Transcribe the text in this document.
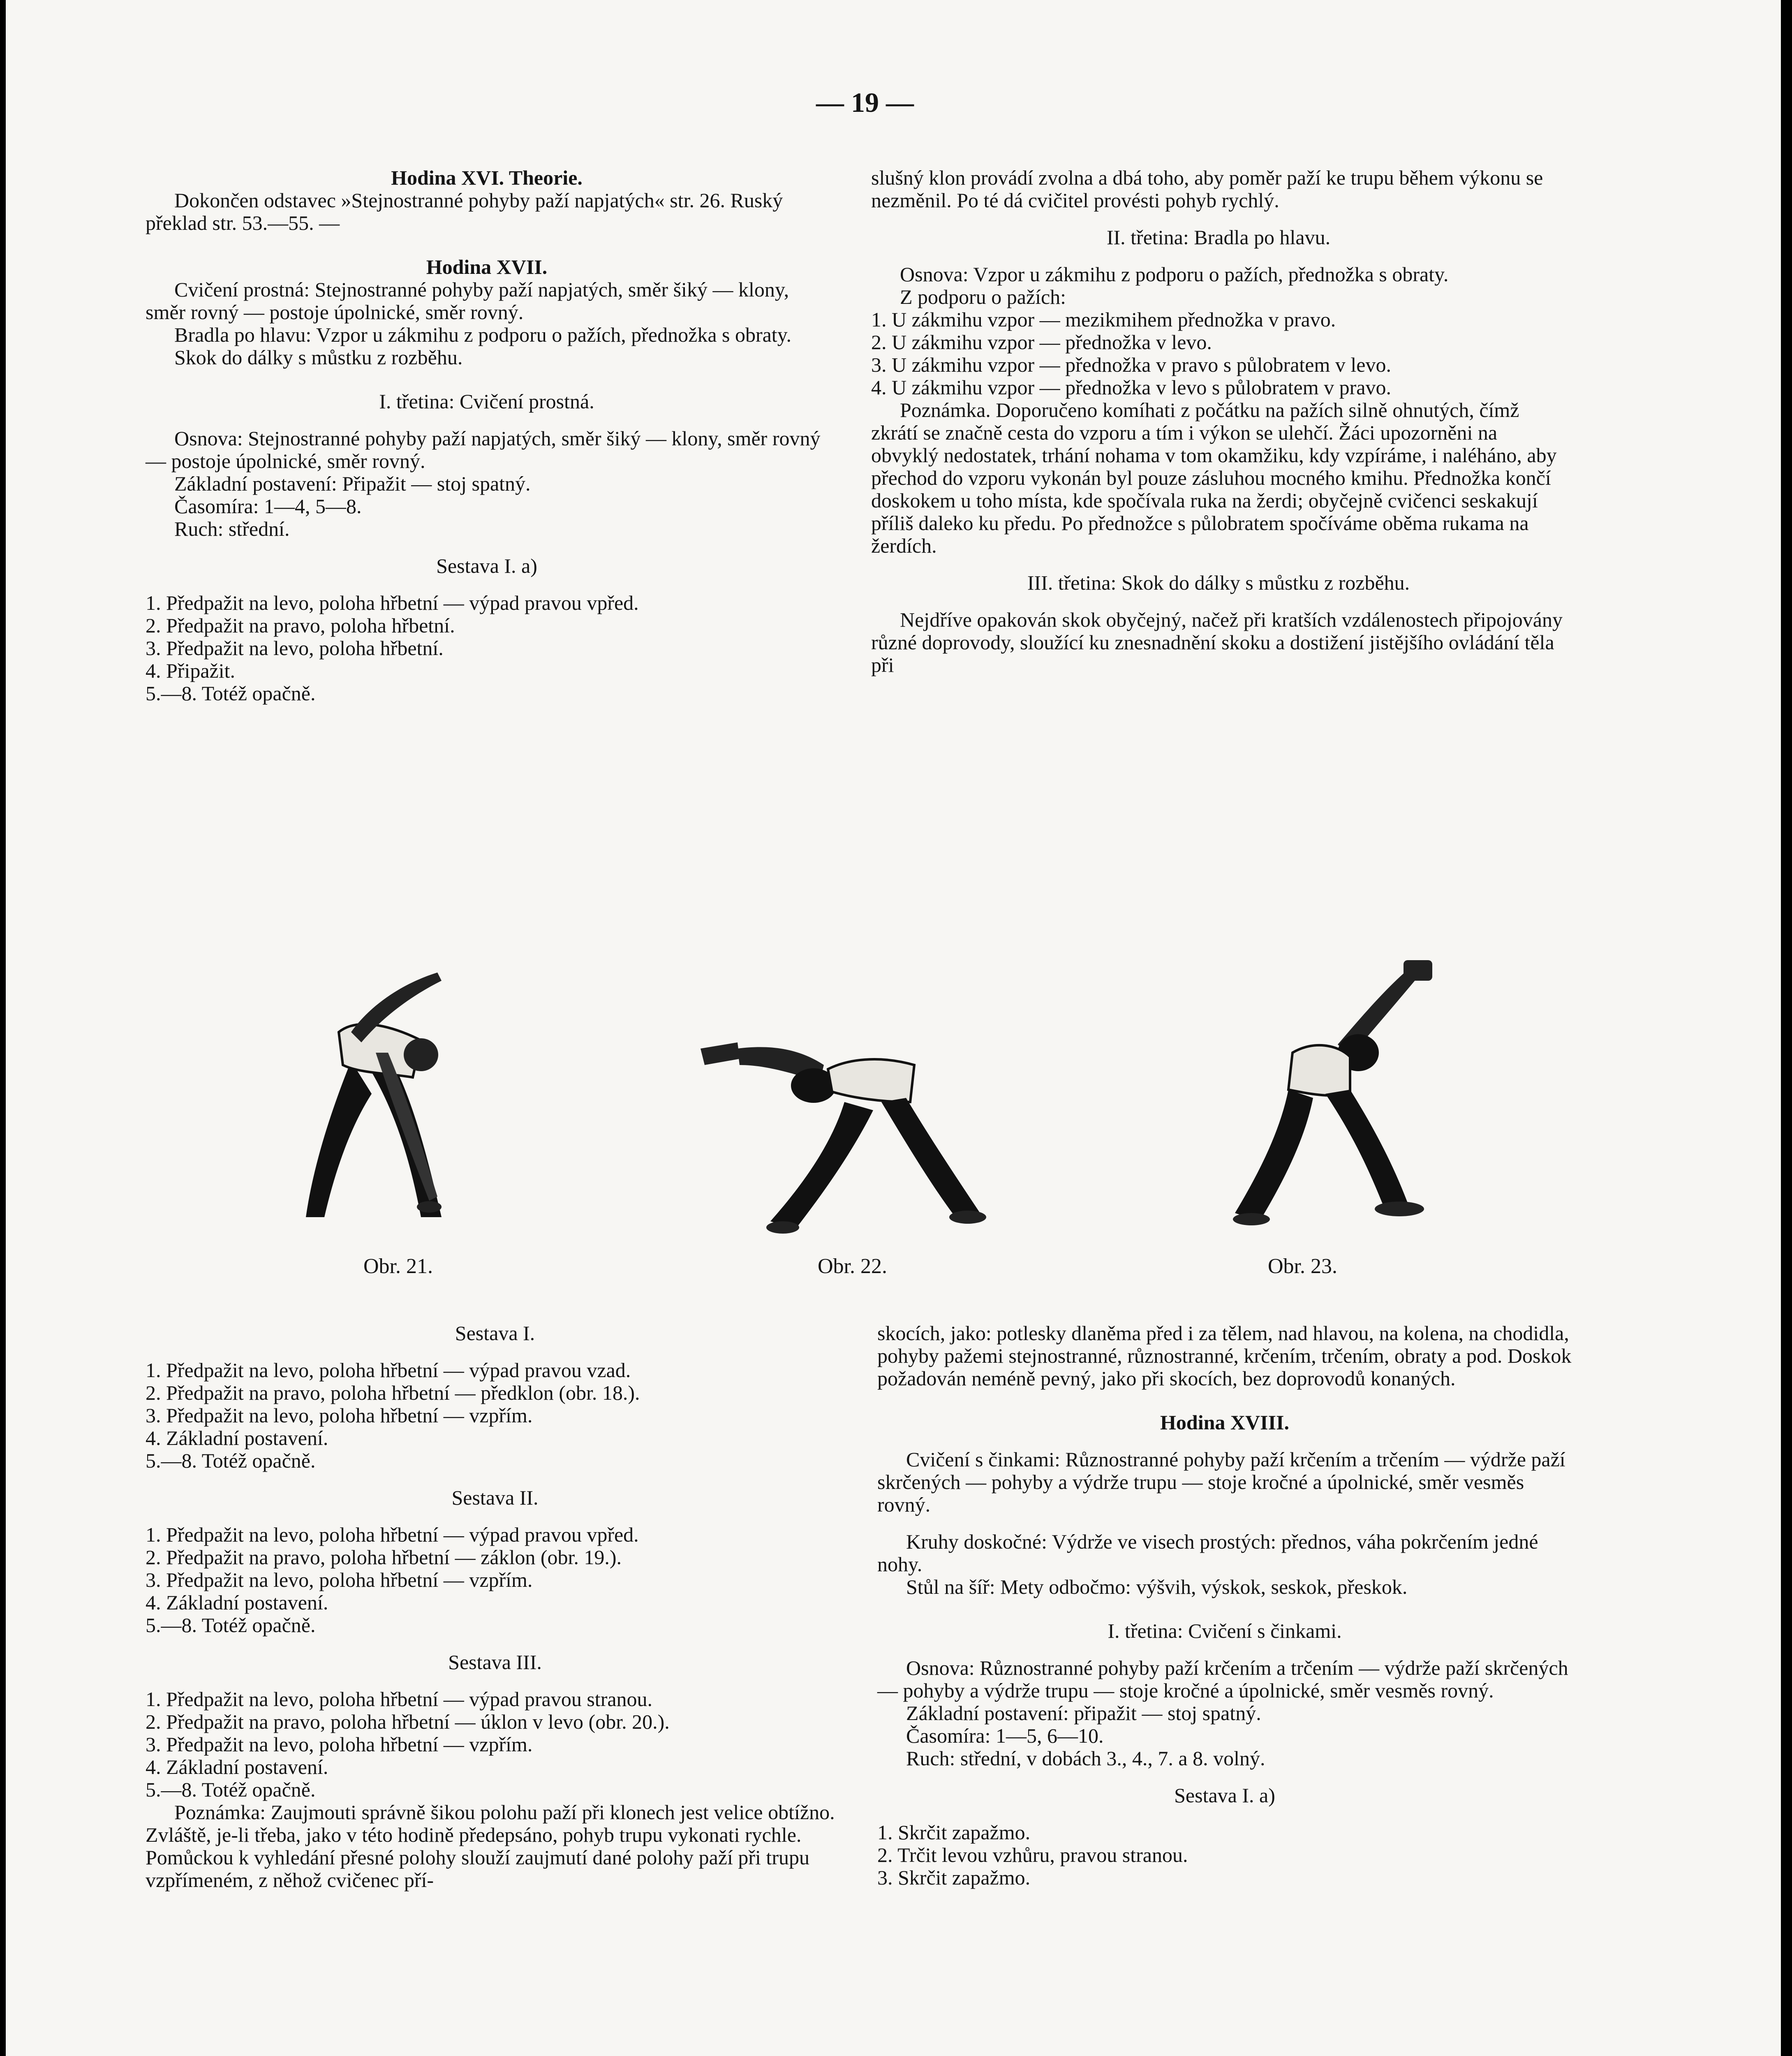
— 19 —

Hodina XVI. Theorie.

Dokončen odstavec »Stejnostranné pohyby paží napjatých« str. 26. Ruský překlad str. 53.—55. —

Hodina XVII.

Cvičení prostná: Stejnostranné pohyby paží napjatých, směr šiký — klony, směr rovný — postoje úpolnické, směr rovný.

Bradla po hlavu: Vzpor u zákmihu z podporu o pažích, přednožka s obraty.

Skok do dálky s můstku z rozběhu.

I. třetina: Cvičení prostná.

Osnova: Stejnostranné pohyby paží napjatých, směr šiký — klony, směr rovný — postoje úpolnické, směr rovný.

Základní postavení: Připažit — stoj spatný.

Časomíra: 1—4, 5—8.

Ruch: střední.

Sestava I. a)

1. Předpažit na levo, poloha hřbetní — výpad pravou vpřed.

2. Předpažit na pravo, poloha hřbetní.

3. Předpažit na levo, poloha hřbetní.

4. Připažit.

5.—8. Totéž opačně.

slušný klon provádí zvolna a dbá toho, aby poměr paží ke trupu během výkonu se nezměnil. Po té dá cvičitel provésti pohyb rychlý.

II. třetina: Bradla po hlavu.

Osnova: Vzpor u zákmihu z podporu o pažích, přednožka s obraty.

Z podporu o pažích:

1. U zákmihu vzpor — mezikmihem přednožka v pravo.

2. U zákmihu vzpor — přednožka v levo.

3. U zákmihu vzpor — přednožka v pravo s půlobratem v levo.

4. U zákmihu vzpor — přednožka v levo s půlobratem v pravo.

Poznámka. Doporučeno komíhati z počátku na pažích silně ohnutých, čímž zkrátí se značně cesta do vzporu a tím i výkon se ulehčí. Žáci upozorněni na obvyklý nedostatek, trhání nohama v tom okamžiku, kdy vzpíráme, i naléháno, aby přechod do vzporu vykonán byl pouze zásluhou mocného kmihu. Přednožka končí doskokem u toho místa, kde spočívala ruka na žerdi; obyčejně cvičenci seskakují příliš daleko ku předu. Po přednožce s půlobratem spočíváme oběma rukama na žerdích.

III. třetina: Skok do dálky s můstku z rozběhu.

Nejdříve opakován skok obyčejný, načež při kratších vzdálenostech připojovány různé doprovody, sloužící ku znesnadnění skoku a dostižení jistějšího ovládání těla při

Obr. 21.	Obr. 22.	Obr. 23.

Sestava I.

1. Předpažit na levo, poloha hřbetní — výpad pravou vzad.

2. Předpažit na pravo, poloha hřbetní — předklon (obr. 18.).

3. Předpažit na levo, poloha hřbetní — vzpřím.

4. Základní postavení.

5.—8. Totéž opačně.

Sestava II.

1. Předpažit na levo, poloha hřbetní — výpad pravou vpřed.

2. Předpažit na pravo, poloha hřbetní — záklon (obr. 19.).

3. Předpažit na levo, poloha hřbetní — vzpřím.

4. Základní postavení.

5.—8. Totéž opačně.

Sestava III.

1. Předpažit na levo, poloha hřbetní — výpad pravou stranou.

2. Předpažit na pravo, poloha hřbetní — úklon v levo (obr. 20.).

3. Předpažit na levo, poloha hřbetní — vzpřím.

4. Základní postavení.

5.—8. Totéž opačně.

Poznámka: Zaujmouti správně šikou polohu paží při klonech jest velice obtížno. Zvláště, je-li třeba, jako v této hodině předepsáno, pohyb trupu vykonati rychle. Pomůckou k vyhledání přesné polohy slouží zaujmutí dané polohy paží při trupu vzpřímeném, z něhož cvičenec pří-

skocích, jako: potlesky dlaněma před i za tělem, nad hlavou, na kolena, na chodidla, pohyby pažemi stejnostranné, různostranné, krčením, trčením, obraty a pod. Doskok požadován neméně pevný, jako při skocích, bez doprovodů konaných.

Hodina XVIII.

Cvičení s činkami: Různostranné pohyby paží krčením a trčením — výdrže paží skrčených — pohyby a výdrže trupu — stoje kročné a úpolnické, směr vesměs rovný.

Kruhy doskočné: Výdrže ve visech prostých: přednos, váha pokrčením jedné nohy.

Stůl na šíř: Mety odbočmo: výšvih, výskok, seskok, přeskok.

I. třetina: Cvičení s činkami.

Osnova: Různostranné pohyby paží krčením a trčením — výdrže paží skrčených — pohyby a výdrže trupu — stoje kročné a úpolnické, směr vesměs rovný.

Základní postavení: připažit — stoj spatný.

Časomíra: 1—5, 6—10.

Ruch: střední, v dobách 3., 4., 7. a 8. volný.

Sestava I. a)

1. Skrčit zapažmo.

2. Trčit levou vzhůru, pravou stranou.

3. Skrčit zapažmo.
